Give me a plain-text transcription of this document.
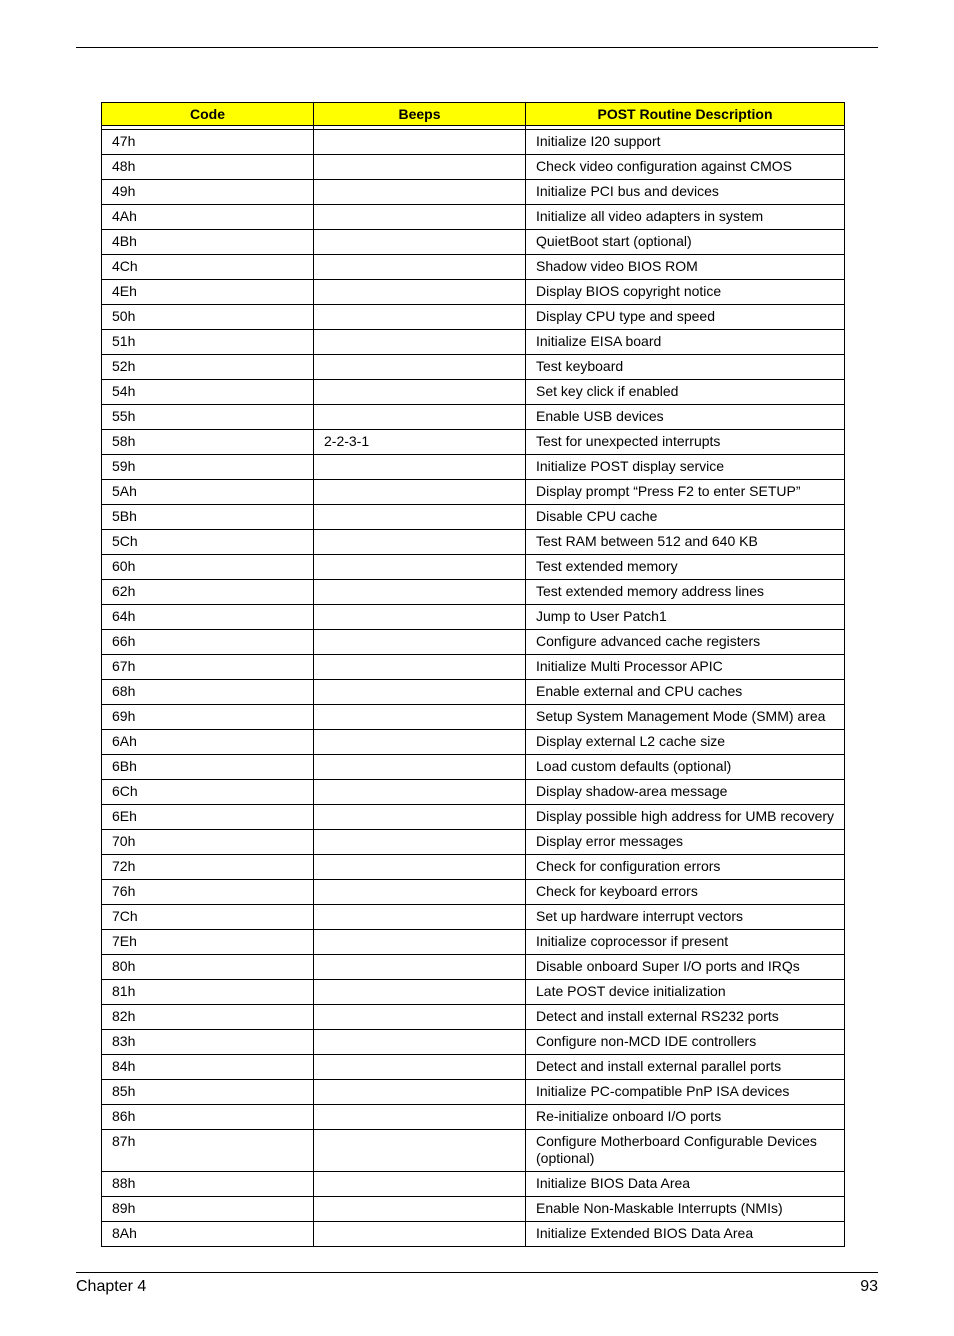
Code	Beeps	POST Routine Description

47h		Initialize I20 support
48h		Check video configuration against CMOS
49h		Initialize PCI bus and devices
4Ah		Initialize all video adapters in system
4Bh		QuietBoot start (optional)
4Ch		Shadow video BIOS ROM
4Eh		Display BIOS copyright notice
50h		Display CPU type and speed
51h		Initialize EISA board
52h		Test keyboard
54h		Set key click if enabled
55h		Enable USB devices
58h	2-2-3-1	Test for unexpected interrupts
59h		Initialize POST display service
5Ah		Display prompt “Press F2 to enter SETUP”
5Bh		Disable CPU cache
5Ch		Test RAM between 512 and 640 KB
60h		Test extended memory
62h		Test extended memory address lines
64h		Jump to User Patch1
66h		Configure advanced cache registers
67h		Initialize Multi Processor APIC
68h		Enable external and CPU caches
69h		Setup System Management Mode (SMM) area
6Ah		Display external L2 cache size
6Bh		Load custom defaults (optional)
6Ch		Display shadow-area message
6Eh		Display possible high address for UMB recovery
70h		Display error messages
72h		Check for configuration errors
76h		Check for keyboard errors
7Ch		Set up hardware interrupt vectors
7Eh		Initialize coprocessor if present
80h		Disable onboard Super I/O ports and IRQs
81h		Late POST device initialization
82h		Detect and install external RS232 ports
83h		Configure non-MCD IDE controllers
84h		Detect and install external parallel ports
85h		Initialize PC-compatible PnP ISA devices
86h		Re-initialize onboard I/O ports
87h		Configure Motherboard Configurable Devices (optional)
88h		Initialize BIOS Data Area
89h		Enable Non-Maskable Interrupts (NMIs)
8Ah		Initialize Extended BIOS Data Area
Chapter 4	93
